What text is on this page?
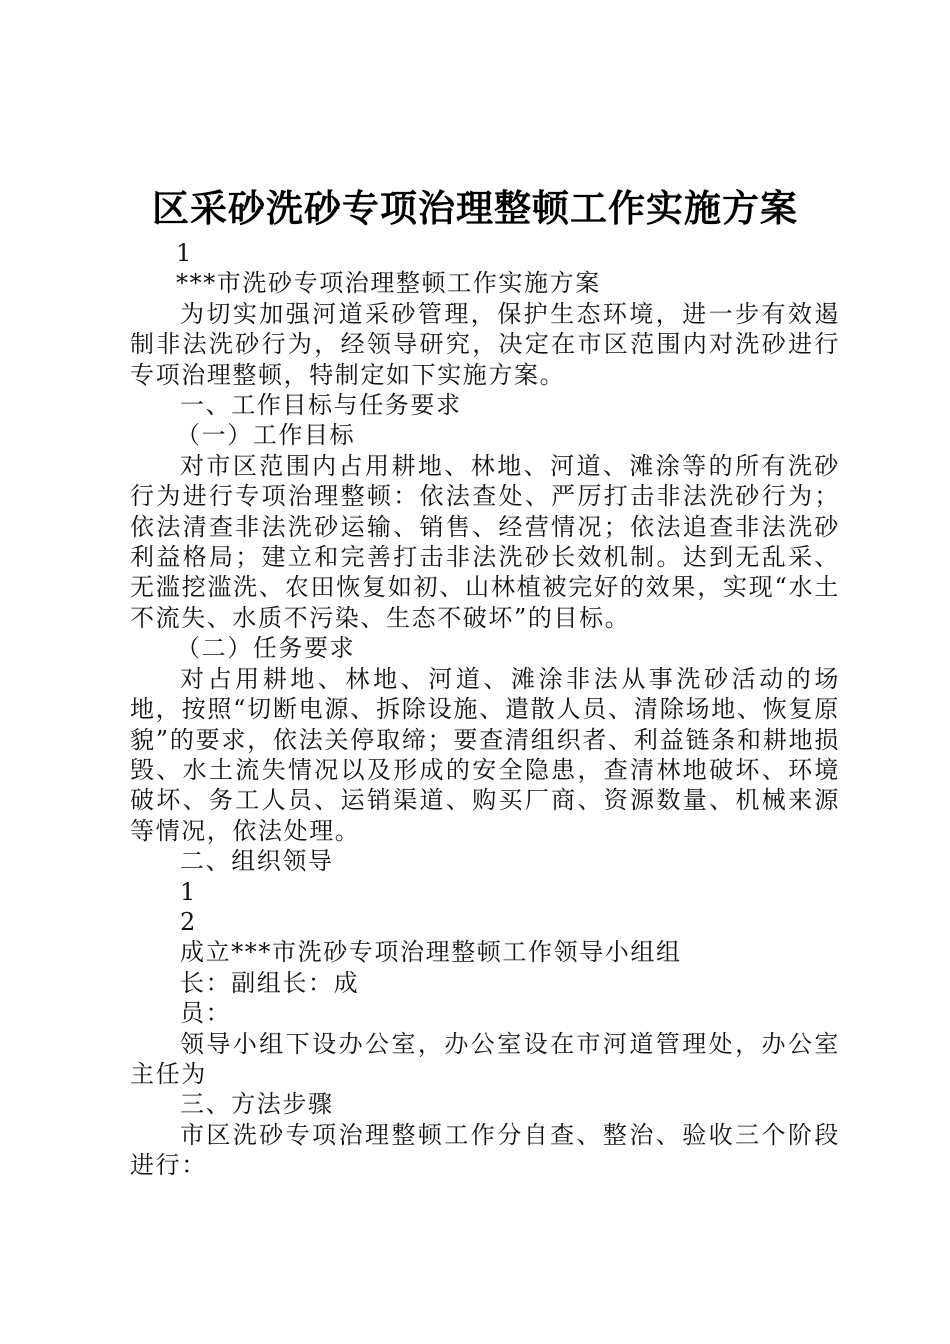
区采砂洗砂专项治理整顿工作实施方案

1

***市洗砂专项治理整顿工作实施方案

为切实加强河道采砂管理，保护生态环境，进一步有效遏制非法洗砂行为，经领导研究，决定在市区范围内对洗砂进行专项治理整顿，特制定如下实施方案。

一、工作目标与任务要求

（一）工作目标

对市区范围内占用耕地、林地、河道、滩涂等的所有洗砂行为进行专项治理整顿：依法查处、严厉打击非法洗砂行为；依法清查非法洗砂运输、销售、经营情况；依法追查非法洗砂利益格局；建立和完善打击非法洗砂长效机制。达到无乱采、无滥挖滥洗、农田恢复如初、山林植被完好的效果，实现“水土不流失、水质不污染、生态不破坏”的目标。

（二）任务要求

对占用耕地、林地、河道、滩涂非法从事洗砂活动的场地，按照“切断电源、拆除设施、遣散人员、清除场地、恢复原貌”的要求，依法关停取缔；要查清组织者、利益链条和耕地损毁、水土流失情况以及形成的安全隐患，查清林地破坏、环境破坏、务工人员、运销渠道、购买厂商、资源数量、机械来源等情况，依法处理。

二、组织领导

1

2

成立***市洗砂专项治理整顿工作领导小组组

长：副组长：成

员：

领导小组下设办公室，办公室设在市河道管理处，办公室主任为

三、方法步骤

市区洗砂专项治理整顿工作分自查、整治、验收三个阶段进行：
